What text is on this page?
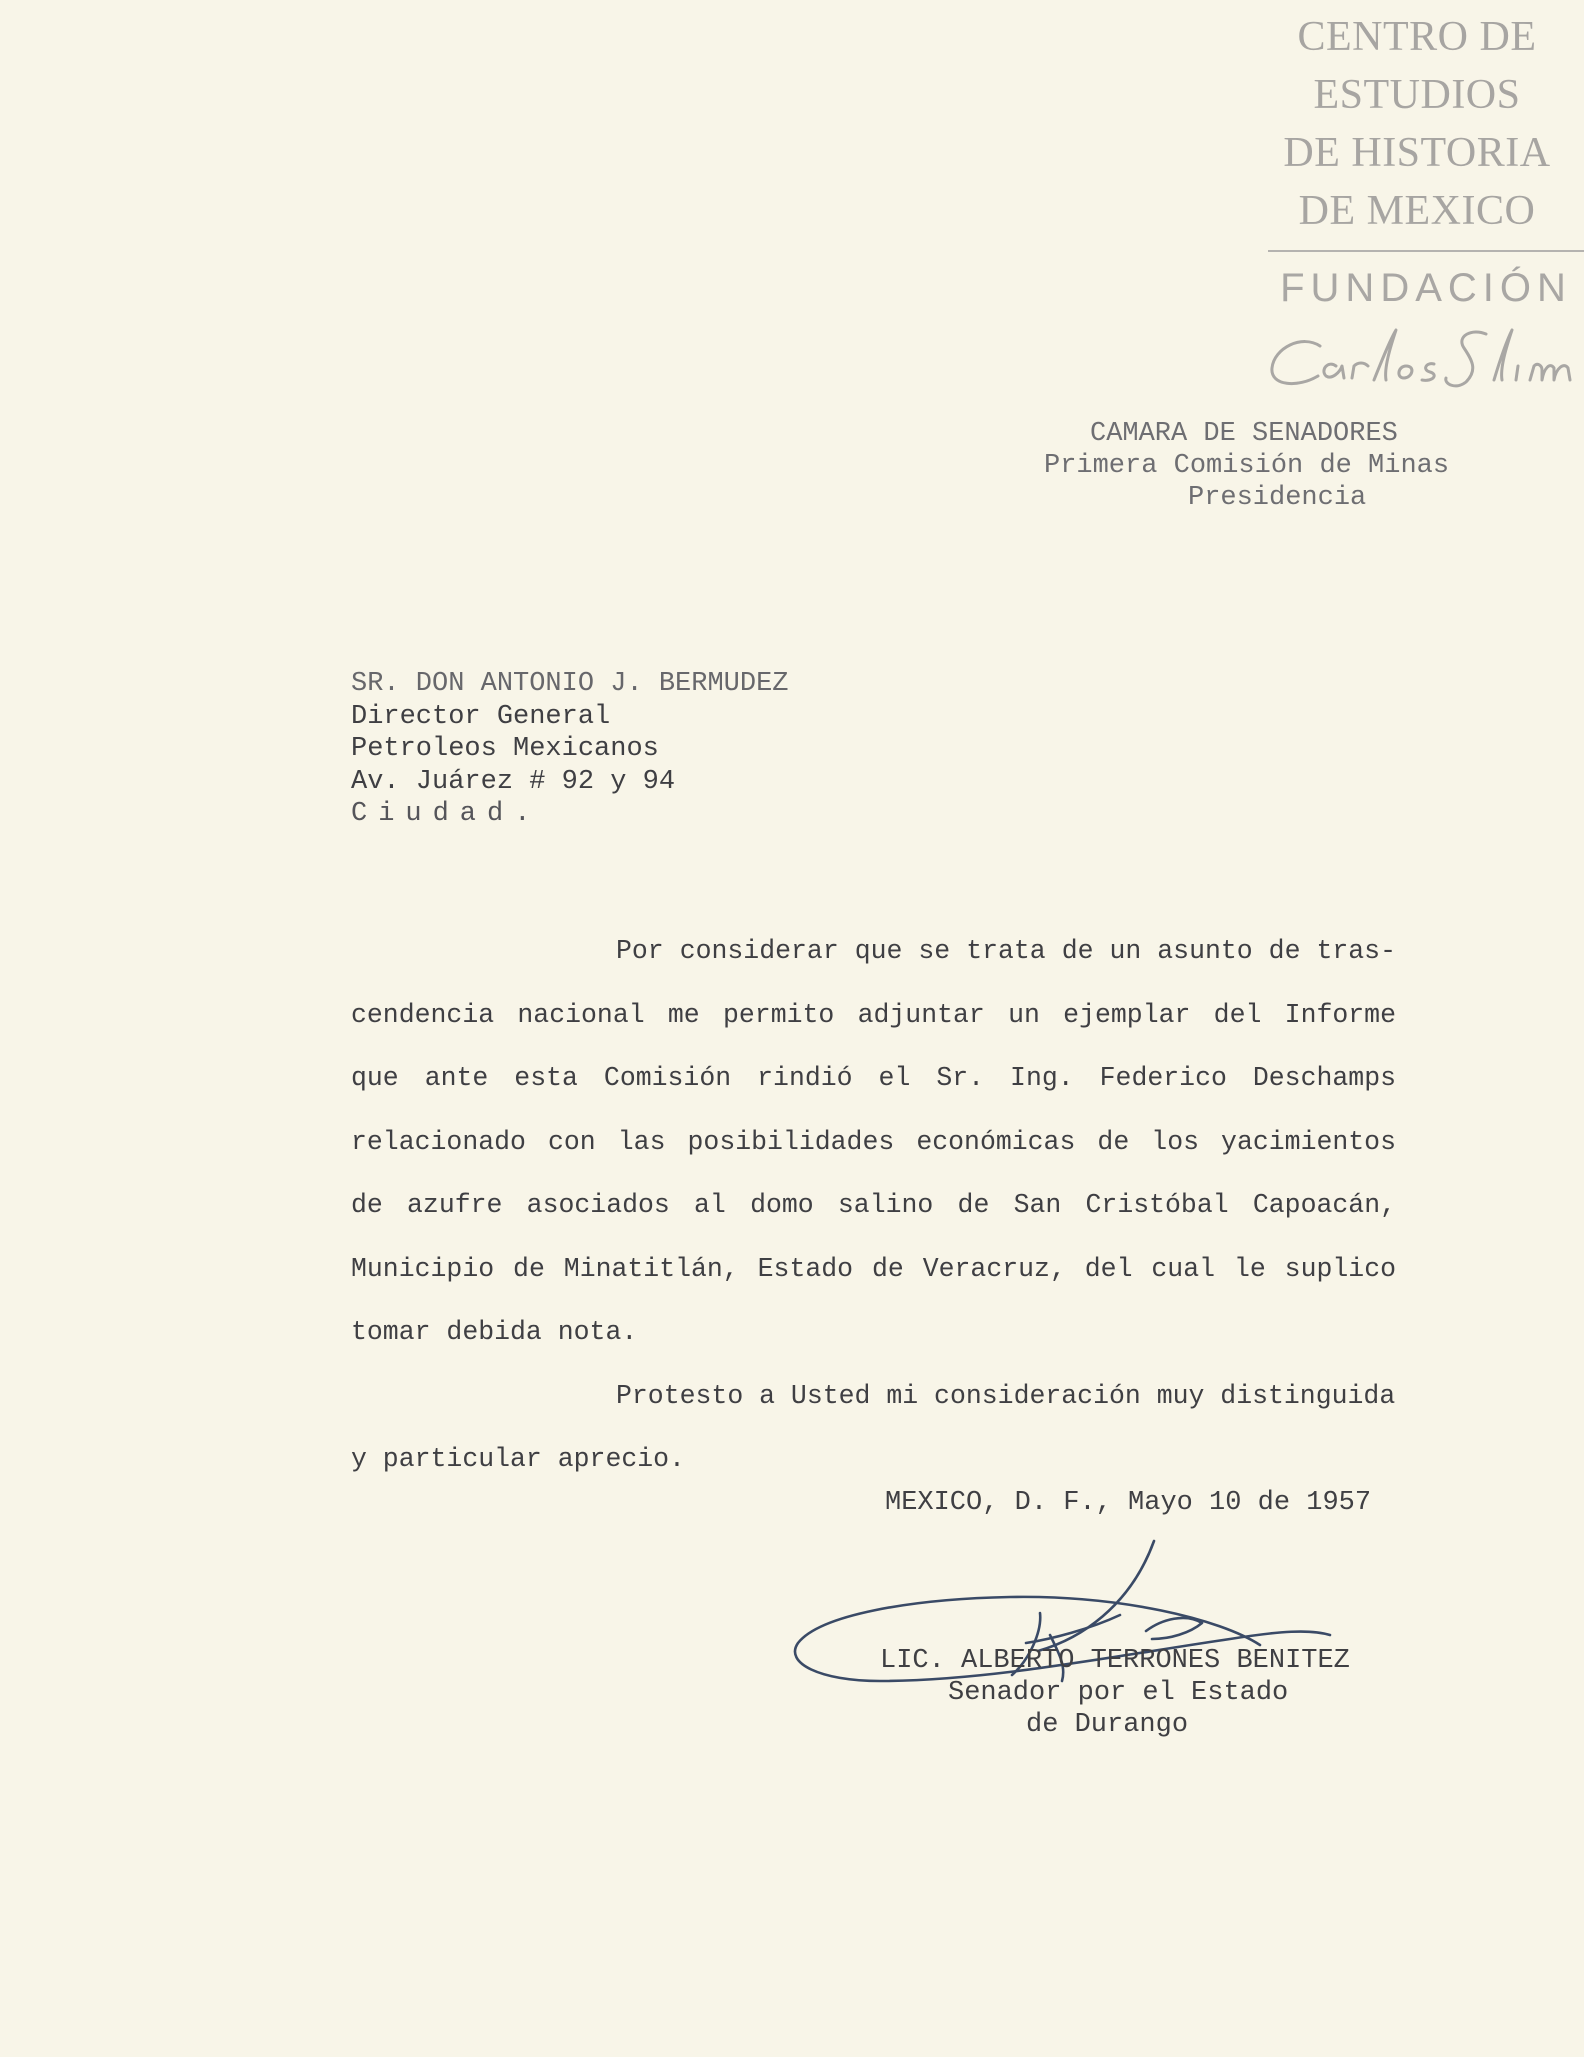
CENTRO DE
ESTUDIOS
DE HISTORIA
DE MEXICO
FUNDACIÓN
CAMARA DE SENADORES
Primera Comisión de Minas
Presidencia
SR. DON ANTONIO J. BERMUDEZ
Director General
Petroleos Mexicanos
Av. Juárez # 92 y 94
Ciudad.

Por considerar que se trata de un asunto de tras-cendencia nacional me permito adjuntar un ejemplar del Informe que ante esta Comisión rindió el Sr. Ing. Federico Deschamps relacionado con las posibilidades económicas de los yacimientos de azufre asociados al domo salino de San Cristóbal Capoacán, Municipio de Minatitlán, Estado de Veracruz, del cual le suplico tomar debida nota.

Protesto a Usted mi consideración muy distinguida y particular aprecio.

MEXICO, D. F., Mayo 10 de 1957
LIC. ALBERTO TERRONES BENITEZ
Senador por el Estado
de Durango
